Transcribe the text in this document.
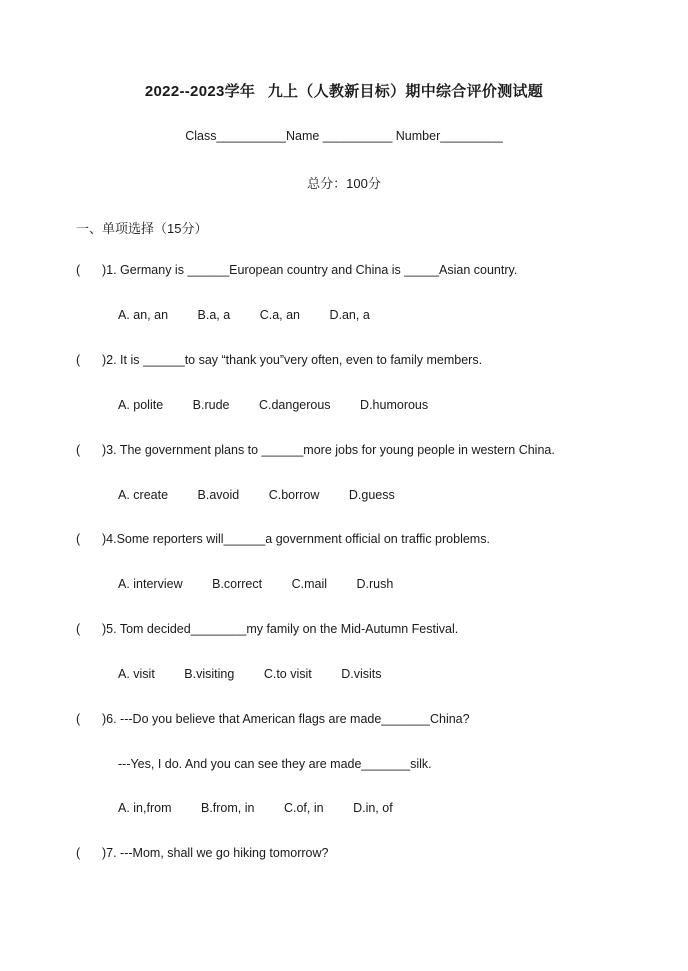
2022--2023学年 九上（人教新目标）期中综合评价测试题
Class__________Name __________ Number_________
总分：100分
一、单项选择（15分）
( )1. Germany is ______European country and China is _____Asian country.
A. an, an B.a, a C.a, an D.an, a
( )2. It is ______to say “thank you”very often, even to family members.
A. polite B.rude C.dangerous D.humorous
( )3. The government plans to ______more jobs for young people in western China.
A. create B.avoid C.borrow D.guess
( )4.Some reporters will______a government official on traffic problems.
A. interview B.correct C.mail D.rush
( )5. Tom decided________my family on the Mid-Autumn Festival.
A. visit B.visiting C.to visit D.visits
( )6. ---Do you believe that American flags are made_______China?
---Yes, I do. And you can see they are made_______silk.
A. in,from B.from, in C.of, in D.in, of
( )7. ---Mom, shall we go hiking tomorrow?
